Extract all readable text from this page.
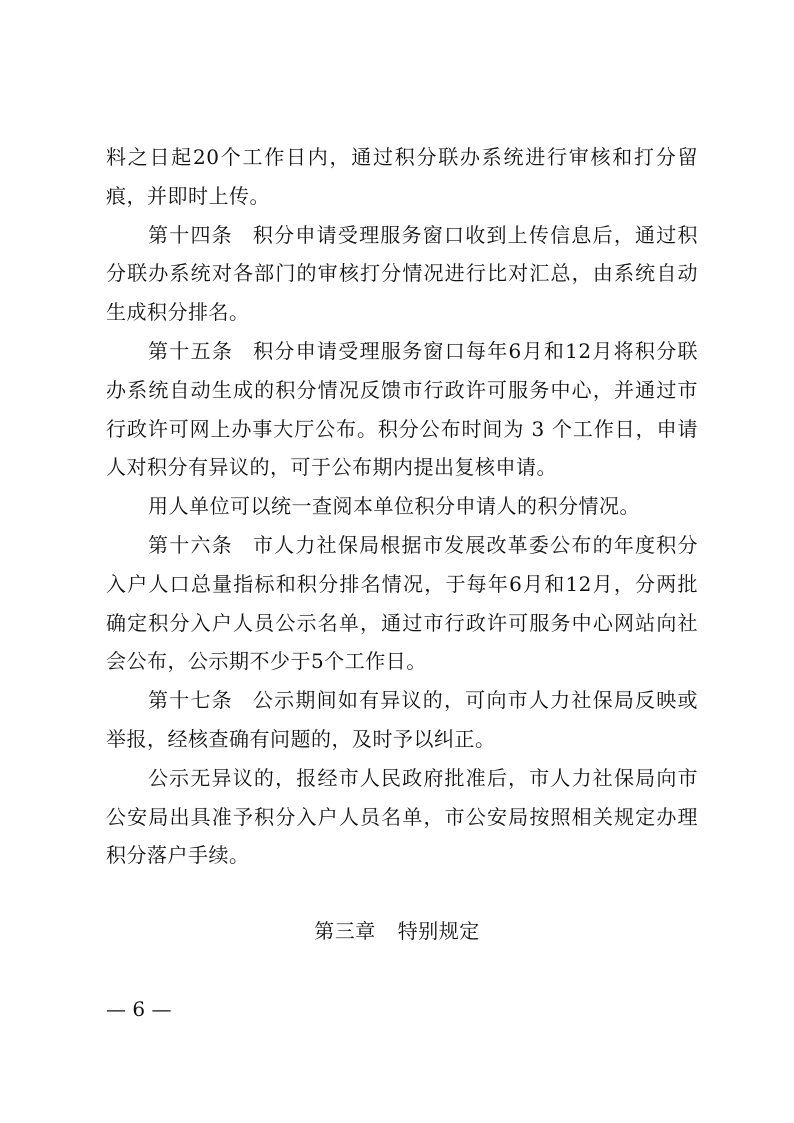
料之日起20个工作日内，通过积分联办系统进行审核和打分留痕，并即时上传。

第十四条 积分申请受理服务窗口收到上传信息后，通过积分联办系统对各部门的审核打分情况进行比对汇总，由系统自动生成积分排名。

第十五条 积分申请受理服务窗口每年6月和12月将积分联办系统自动生成的积分情况反馈市行政许可服务中心，并通过市行政许可网上办事大厅公布。积分公布时间为 3 个工作日，申请人对积分有异议的，可于公布期内提出复核申请。

用人单位可以统一查阅本单位积分申请人的积分情况。

第十六条 市人力社保局根据市发展改革委公布的年度积分入户人口总量指标和积分排名情况，于每年6月和12月，分两批确定积分入户人员公示名单，通过市行政许可服务中心网站向社会公布，公示期不少于5个工作日。

第十七条 公示期间如有异议的，可向市人力社保局反映或举报，经核查确有问题的，及时予以纠正。

公示无异议的，报经市人民政府批准后，市人力社保局向市公安局出具准予积分入户人员名单，市公安局按照相关规定办理积分落户手续。

第三章 特别规定
— 6 —
